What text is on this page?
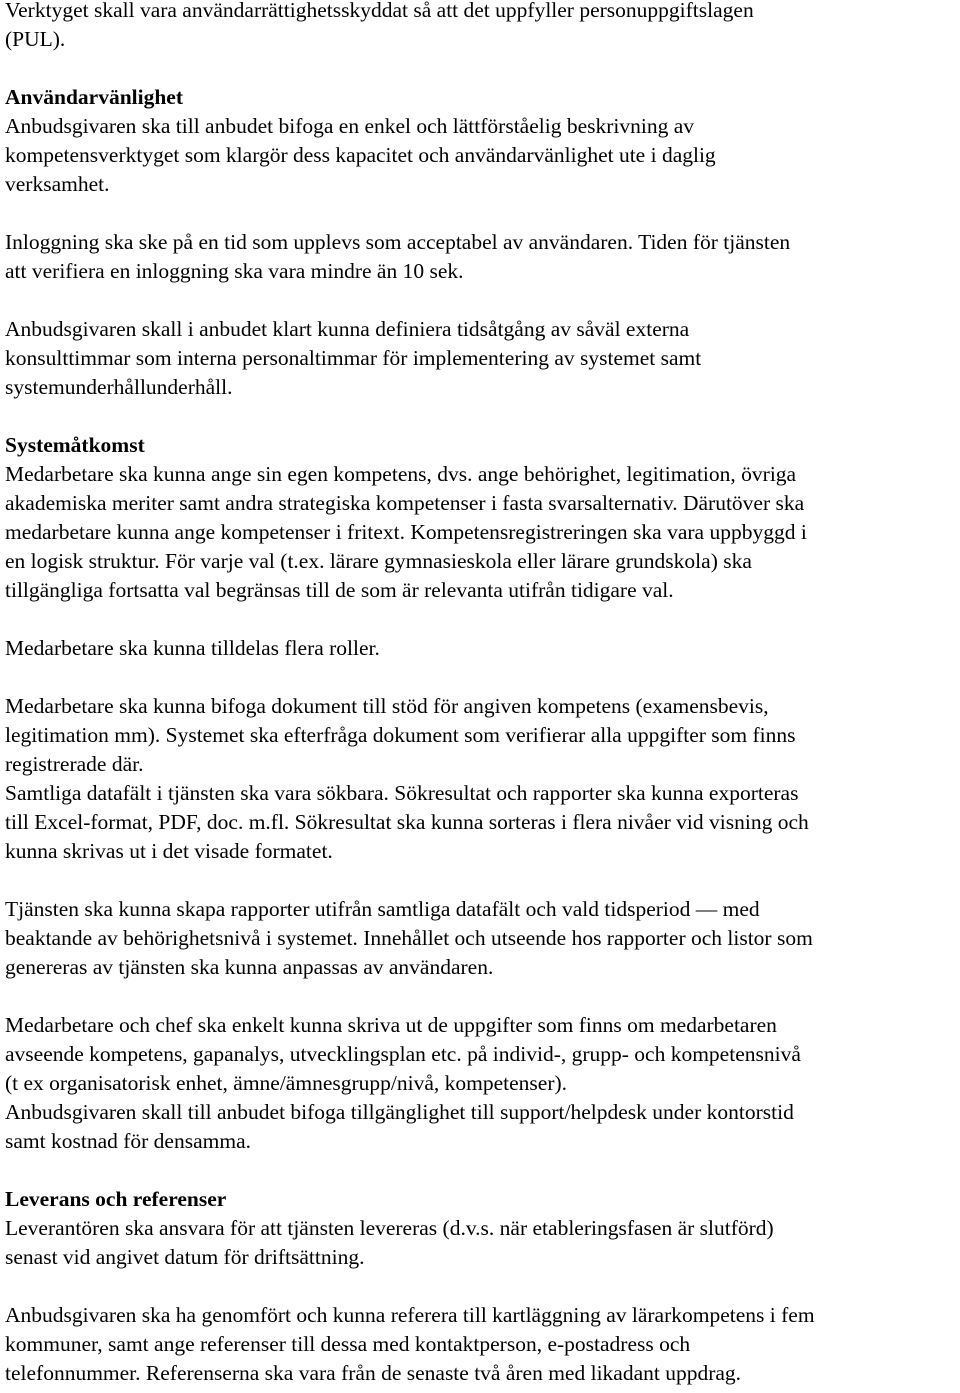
Verktyget skall vara användarrättighetsskyddat så att det uppfyller personuppgiftslagen
(PUL).
Användarvänlighet
Anbudsgivaren ska till anbudet bifoga en enkel och lättförståelig beskrivning av
kompetensverktyget som klargör dess kapacitet och användarvänlighet ute i daglig
verksamhet.
Inloggning ska ske på en tid som upplevs som acceptabel av användaren. Tiden för tjänsten
att verifiera en inloggning ska vara mindre än 10 sek.
Anbudsgivaren skall i anbudet klart kunna definiera tidsåtgång av såväl externa
konsulttimmar som interna personaltimmar för implementering av systemet samt
systemunderhållunderhåll.
Systemåtkomst
Medarbetare ska kunna ange sin egen kompetens, dvs. ange behörighet, legitimation, övriga
akademiska meriter samt andra strategiska kompetenser i fasta svarsalternativ. Därutöver ska
medarbetare kunna ange kompetenser i fritext. Kompetensregistreringen ska vara uppbyggd i
en logisk struktur. För varje val (t.ex. lärare gymnasieskola eller lärare grundskola) ska
tillgängliga fortsatta val begränsas till de som är relevanta utifrån tidigare val.
Medarbetare ska kunna tilldelas flera roller.
Medarbetare ska kunna bifoga dokument till stöd för angiven kompetens (examensbevis,
legitimation mm). Systemet ska efterfråga dokument som verifierar alla uppgifter som finns
registrerade där.
Samtliga datafält i tjänsten ska vara sökbara. Sökresultat och rapporter ska kunna exporteras
till Excel-format, PDF, doc. m.fl. Sökresultat ska kunna sorteras i flera nivåer vid visning och
kunna skrivas ut i det visade formatet.
Tjänsten ska kunna skapa rapporter utifrån samtliga datafält och vald tidsperiod — med
beaktande av behörighetsnivå i systemet. Innehållet och utseende hos rapporter och listor som
genereras av tjänsten ska kunna anpassas av användaren.
Medarbetare och chef ska enkelt kunna skriva ut de uppgifter som finns om medarbetaren
avseende kompetens, gapanalys, utvecklingsplan etc. på individ-, grupp- och kompetensnivå
(t ex organisatorisk enhet, ämne/ämnesgrupp/nivå, kompetenser).
Anbudsgivaren skall till anbudet bifoga tillgänglighet till support/helpdesk under kontorstid
samt kostnad för densamma.
Leverans och referenser
Leverantören ska ansvara för att tjänsten levereras (d.v.s. när etableringsfasen är slutförd)
senast vid angivet datum för driftsättning.
Anbudsgivaren ska ha genomfört och kunna referera till kartläggning av lärarkompetens i fem
kommuner, samt ange referenser till dessa med kontaktperson, e-postadress och
telefonnummer. Referenserna ska vara från de senaste två åren med likadant uppdrag.
